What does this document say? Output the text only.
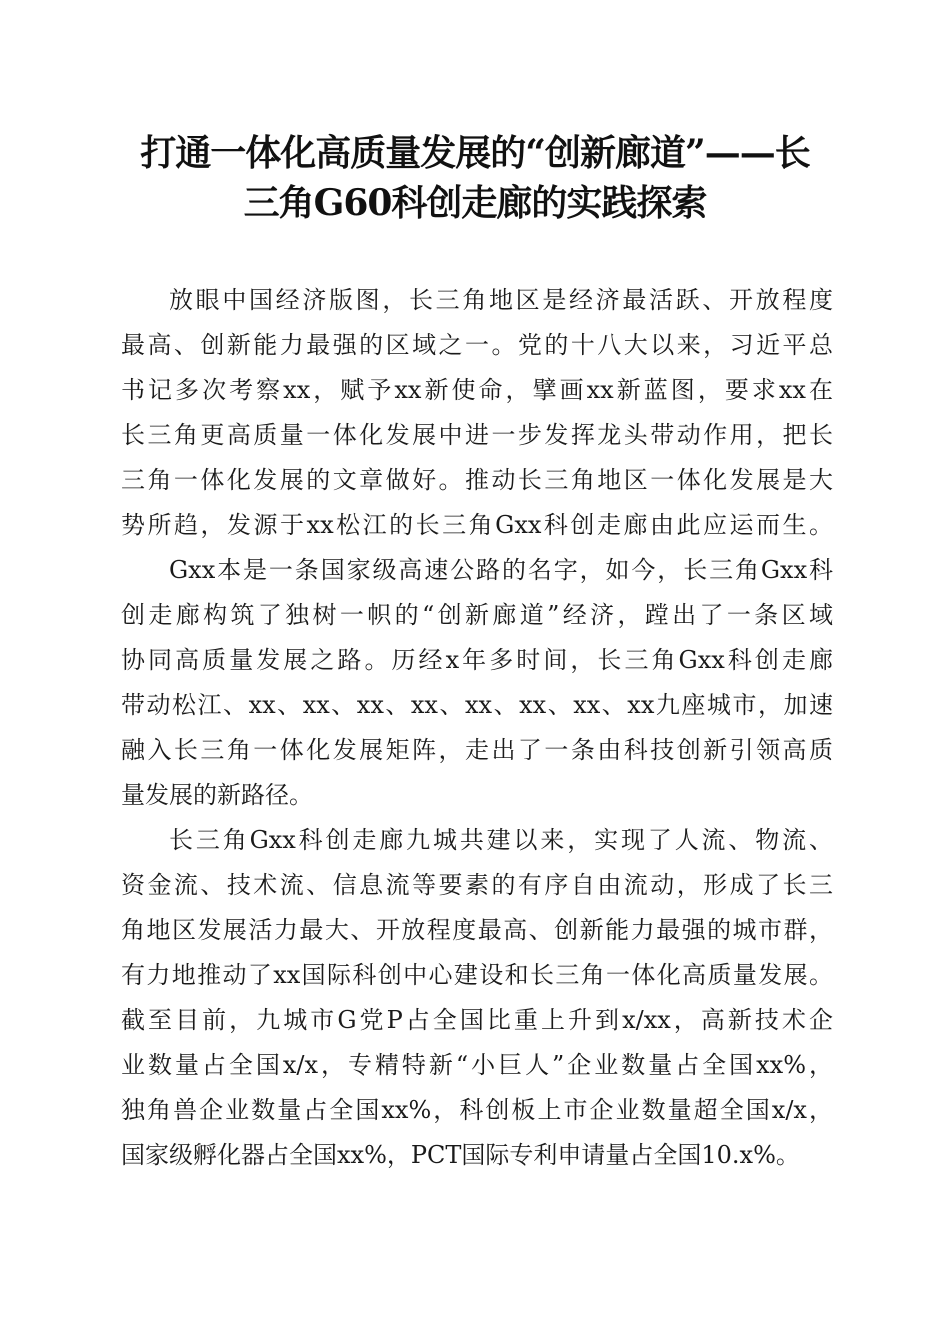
打通一体化高质量发展的“创新廊道”——长
三角G60科创走廊的实践探索
放眼中国经济版图，长三角地区是经济最活跃、开放程度
最高、创新能力最强的区域之一。党的十八大以来，习近平总
书记多次考察xx，赋予xx新使命，擘画xx新蓝图，要求xx在
长三角更高质量一体化发展中进一步发挥龙头带动作用，把长
三角一体化发展的文章做好。推动长三角地区一体化发展是大
势所趋，发源于xx松江的长三角Gxx科创走廊由此应运而生。
Gxx本是一条国家级高速公路的名字，如今，长三角Gxx科
创走廊构筑了独树一帜的“创新廊道”经济，蹚出了一条区域
协同高质量发展之路。历经x年多时间，长三角Gxx科创走廊
带动松江、xx、xx、xx、xx、xx、xx、xx、xx九座城市，加速
融入长三角一体化发展矩阵，走出了一条由科技创新引领高质
量发展的新路径。
长三角Gxx科创走廊九城共建以来，实现了人流、物流、
资金流、技术流、信息流等要素的有序自由流动，形成了长三
角地区发展活力最大、开放程度最高、创新能力最强的城市群，
有力地推动了xx国际科创中心建设和长三角一体化高质量发展。
截至目前，九城市G党P占全国比重上升到x/xx，高新技术企
业数量占全国x/x，专精特新“小巨人”企业数量占全国xx%，
独角兽企业数量占全国xx%，科创板上市企业数量超全国x/x，
国家级孵化器占全国xx%，PCT国际专利申请量占全国10.x%。
